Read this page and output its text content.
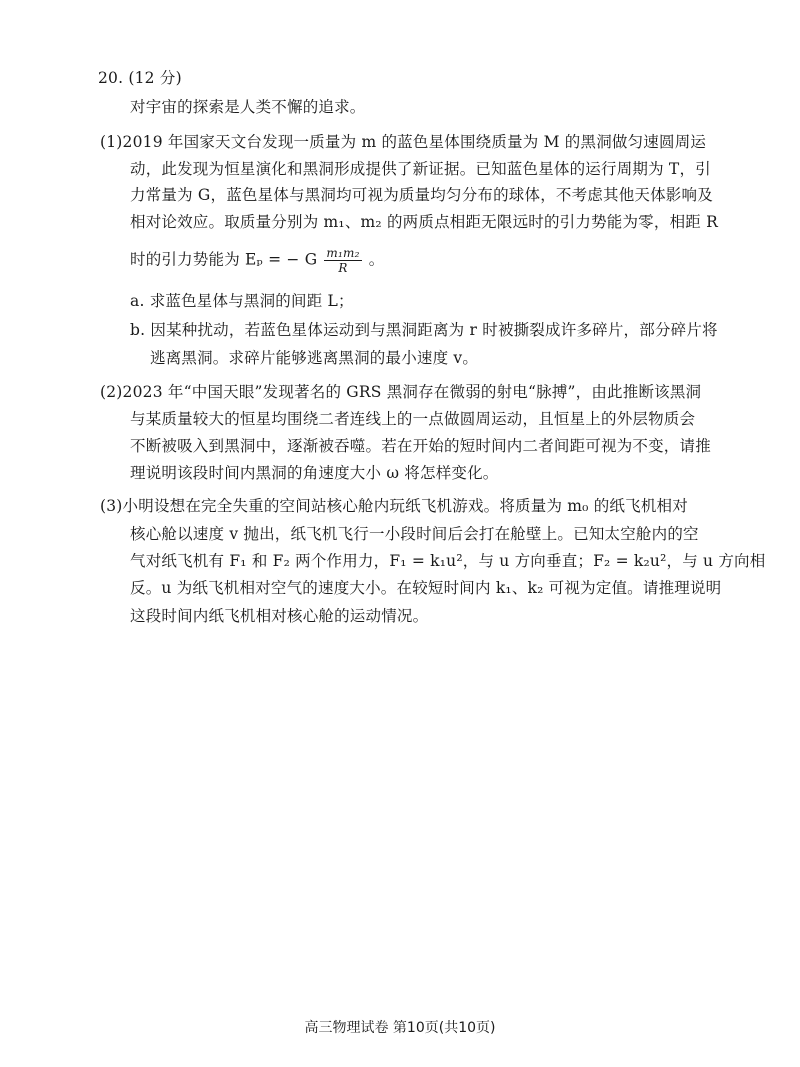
20. (12 分)
对宇宙的探索是人类不懈的追求。
(1)2019 年国家天文台发现一质量为 m 的蓝色星体围绕质量为 M 的黑洞做匀速圆周运
动，此发现为恒星演化和黑洞形成提供了新证据。已知蓝色星体的运行周期为 T，引
力常量为 G，蓝色星体与黑洞均可视为质量均匀分布的球体，不考虑其他天体影响及
相对论效应。取质量分别为 m₁、m₂ 的两质点相距无限远时的引力势能为零，相距 R
时的引力势能为 Eₚ = − G $\frac{\text{m₁m₂}}{R}$ 。
a. 求蓝色星体与黑洞的间距 L；
b. 因某种扰动，若蓝色星体运动到与黑洞距离为 r 时被撕裂成许多碎片，部分碎片将
逃离黑洞。求碎片能够逃离黑洞的最小速度 v。
(2)2023 年“中国天眼”发现著名的 GRS 黑洞存在微弱的射电“脉搏”，由此推断该黑洞
与某质量较大的恒星均围绕二者连线上的一点做圆周运动，且恒星上的外层物质会
不断被吸入到黑洞中，逐渐被吞噬。若在开始的短时间内二者间距可视为不变，请推
理说明该段时间内黑洞的角速度大小 ω 将怎样变化。
(3)小明设想在完全失重的空间站核心舱内玩纸飞机游戏。将质量为 m₀ 的纸飞机相对
核心舱以速度 v 抛出，纸飞机飞行一小段时间后会打在舱壁上。已知太空舱内的空
气对纸飞机有 F₁ 和 F₂ 两个作用力，F₁ = k₁u²，与 u 方向垂直；F₂ = k₂u²，与 u 方向相
反。u 为纸飞机相对空气的速度大小。在较短时间内 k₁、k₂ 可视为定值。请推理说明
这段时间内纸飞机相对核心舱的运动情况。
高三物理试卷 第10页(共10页)
